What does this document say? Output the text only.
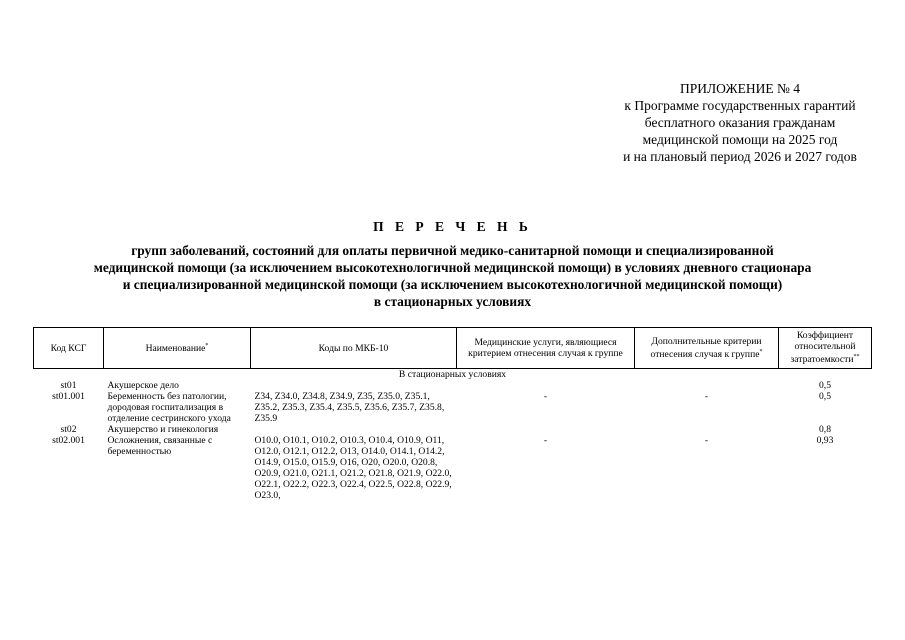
ПРИЛОЖЕНИЕ № 4
к Программе государственных гарантий
бесплатного оказания гражданам
медицинской помощи на 2025 год
и на плановый период 2026 и 2027 годов
П Е Р Е Ч Е Н Ь
групп заболеваний, состояний для оплаты первичной медико-санитарной помощи и специализированной
медицинской помощи (за исключением высокотехнологичной медицинской помощи) в условиях дневного стационара
и специализированной медицинской помощи (за исключением высокотехнологичной медицинской помощи)
в стационарных условиях
Код КСГ	Наименование*	Коды по МКБ-10	Медицинские услуги, являющиеся критерием отнесения случая к группе	Дополнительные критерии отнесения случая к группе*	Коэффициент относительной затратоемкости**
В стационарных условиях					
st01	Акушерское дело				0,5
st01.001	Беременность без патологии, дородовая госпитализация в отделение сестринского ухода	Z34, Z34.0, Z34.8, Z34.9, Z35, Z35.0, Z35.1, Z35.2, Z35.3, Z35.4, Z35.5, Z35.6, Z35.7, Z35.8, Z35.9	-	-	0,5
st02	Акушерство и гинекология				0,8
st02.001	Осложнения, связанные с беременностью	O10.0, O10.1, O10.2, O10.3, O10.4, O10.9, O11, O12.0, O12.1, O12.2, O13, O14.0, O14.1, O14.2, O14.9, O15.0, O15.9, O16, O20, O20.0, O20.8, O20.9, O21.0, O21.1, O21.2, O21.8, O21.9, O22.0, O22.1, O22.2, O22.3, O22.4, O22.5, O22.8, O22.9, O23.0,	-	-	0,93
